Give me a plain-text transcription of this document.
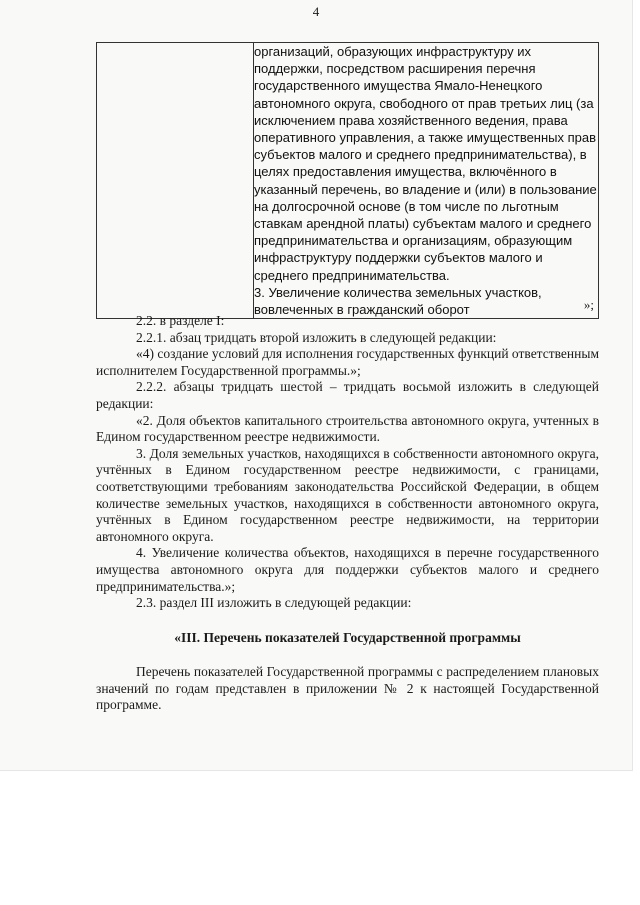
4

организаций, образующих инфраструктуру их поддержки, посредством расширения перечня государственного имущества Ямало-Ненецкого автономного округа, свободного от прав третьих лиц (за исключением права хозяйственного ведения, права оперативного управления, а также имущественных прав субъектов малого и среднего предпринимательства), в целях предоставления имущества, включённого в указанный перечень, во владение и (или) в пользование на долгосрочной основе (в том числе по льготным ставкам арендной платы) субъектам малого и среднего предпринимательства и организациям, образующим инфраструктуру поддержки субъектов малого и среднего предпринимательства.

3. Увеличение количества земельных участков, вовлеченных в гражданский оборот	»;

2.2. в разделе I:

2.2.1. абзац тридцать второй изложить в следующей редакции:

«4) создание условий для исполнения государственных функций ответственным исполнителем Государственной программы.»;

2.2.2. абзацы тридцать шестой – тридцать восьмой изложить в следующей редакции:

«2. Доля объектов капитального строительства автономного округа, учтенных в Едином государственном реестре недвижимости.

3. Доля земельных участков, находящихся в собственности автономного округа, учтённых в Едином государственном реестре недвижимости, с границами, соответствующими требованиям законодательства Российской Федерации, в общем количестве земельных участков, находящихся в собственности автономного округа, учтённых в Едином государственном реестре недвижимости, на территории автономного округа.

4. Увеличение количества объектов, находящихся в перечне государственного имущества автономного округа для поддержки субъектов малого и среднего предпринимательства.»;

2.3. раздел III изложить в следующей редакции:

«III. Перечень показателей Государственной программы

Перечень показателей Государственной программы с распределением плановых значений по годам представлен в приложении № 2 к настоящей Государственной программе.
